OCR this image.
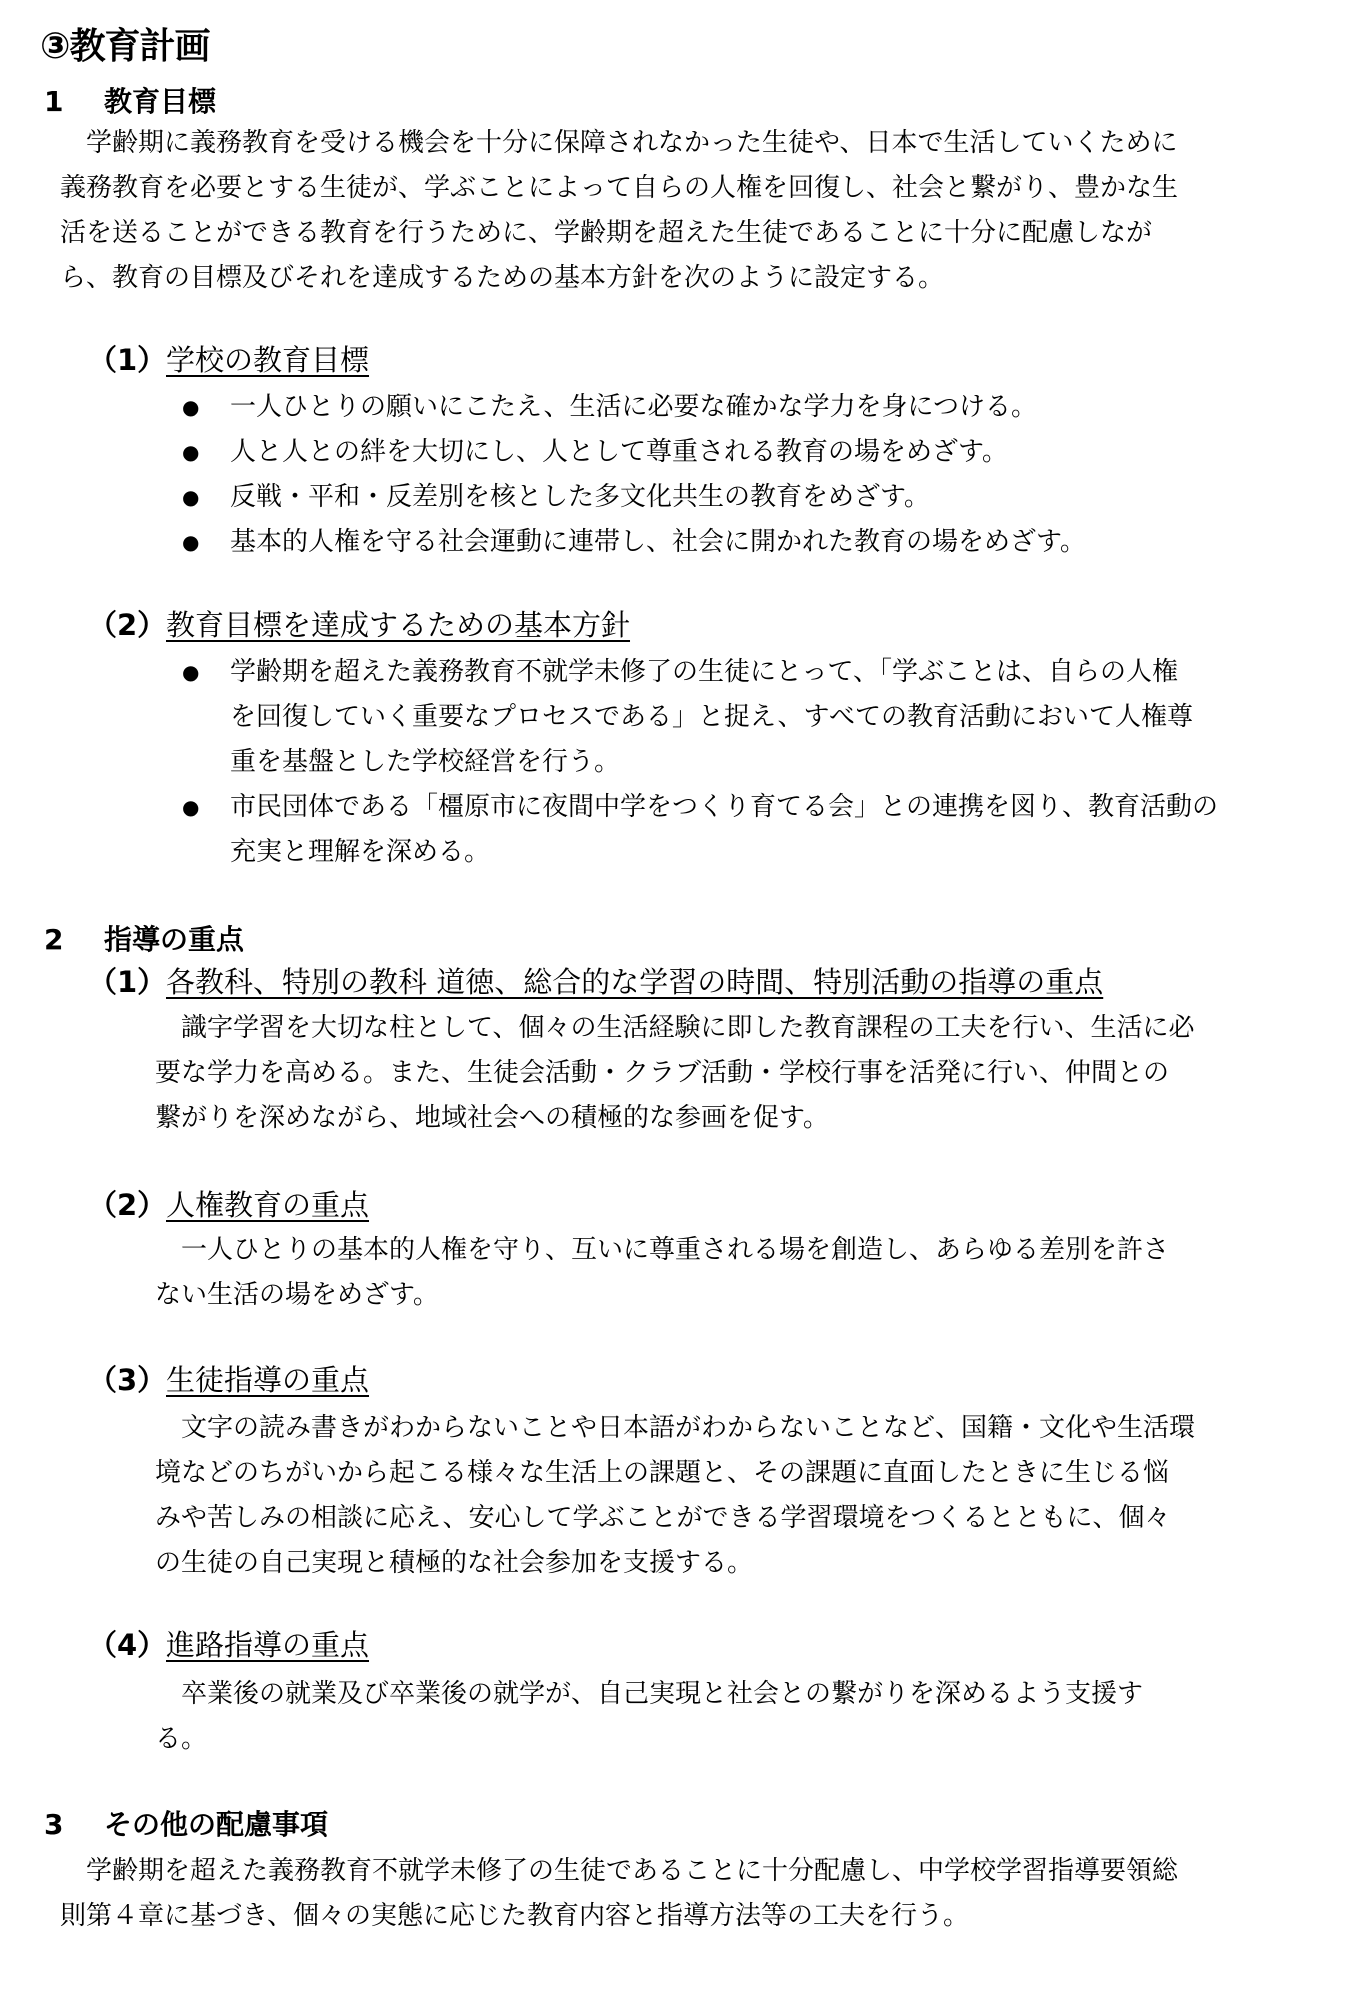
③教育計画
1 教育目標
　学齢期に義務教育を受ける機会を十分に保障されなかった生徒や、日本で生活していくために
義務教育を必要とする生徒が、学ぶことによって自らの人権を回復し、社会と繋がり、豊かな生
活を送ることができる教育を行うために、学齢期を超えた生徒であることに十分に配慮しなが
ら、教育の目標及びそれを達成するための基本方針を次のように設定する。
（1）学校の教育目標
● 一人ひとりの願いにこたえ、生活に必要な確かな学力を身につける。
● 人と人との絆を大切にし、人として尊重される教育の場をめざす。
● 反戦・平和・反差別を核とした多文化共生の教育をめざす。
● 基本的人権を守る社会運動に連帯し、社会に開かれた教育の場をめざす。
（2）教育目標を達成するための基本方針
● 学齢期を超えた義務教育不就学未修了の生徒にとって、「学ぶことは、自らの人権
を回復していく重要なプロセスである」と捉え、すべての教育活動において人権尊
重を基盤とした学校経営を行う。
● 市民団体である「橿原市に夜間中学をつくり育てる会」との連携を図り、教育活動の
充実と理解を深める。
2 指導の重点
（1）各教科、特別の教科 道徳、総合的な学習の時間、特別活動の指導の重点
　識字学習を大切な柱として、個々の生活経験に即した教育課程の工夫を行い、生活に必
要な学力を高める。また、生徒会活動・クラブ活動・学校行事を活発に行い、仲間との
繋がりを深めながら、地域社会への積極的な参画を促す。
（2）人権教育の重点
　一人ひとりの基本的人権を守り、互いに尊重される場を創造し、あらゆる差別を許さ
ない生活の場をめざす。
（3）生徒指導の重点
　文字の読み書きがわからないことや日本語がわからないことなど、国籍・文化や生活環
境などのちがいから起こる様々な生活上の課題と、その課題に直面したときに生じる悩
みや苦しみの相談に応え、安心して学ぶことができる学習環境をつくるとともに、個々
の生徒の自己実現と積極的な社会参加を支援する。
（4）進路指導の重点
　卒業後の就業及び卒業後の就学が、自己実現と社会との繋がりを深めるよう支援す
る。
3 その他の配慮事項
　学齢期を超えた義務教育不就学未修了の生徒であることに十分配慮し、中学校学習指導要領総
則第４章に基づき、個々の実態に応じた教育内容と指導方法等の工夫を行う。
